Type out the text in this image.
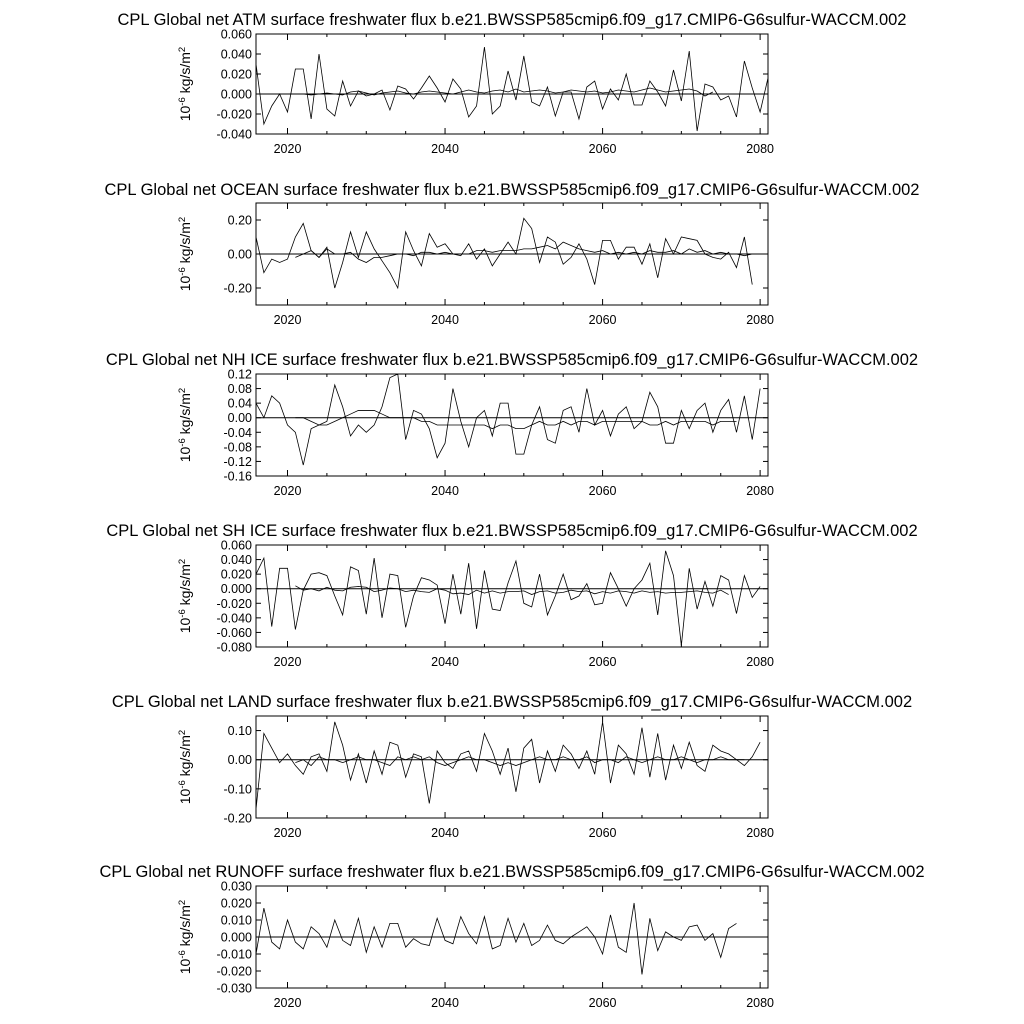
CPL Global net ATM surface freshwater flux b.e21.BWSSP585cmip6.f09_g17.CMIP6-G6sulfur-WACCM.002
-0.040
-0.020
0.000
0.020
0.040
0.060
2020	2040	2060	2080
$10^{-6}$ $kg/s/m^2$
CPL Global net OCEAN surface freshwater flux b.e21.BWSSP585cmip6.f09_g17.CMIP6-G6sulfur-WACCM.002
-0.20
0.00
0.20
2020	2040	2060	2080
$10^{-6}$ $kg/s/m^2$
CPL Global net NH ICE surface freshwater flux b.e21.BWSSP585cmip6.f09_g17.CMIP6-G6sulfur-WACCM.002
-0.16
-0.12
-0.08
-0.04
0.00
0.04
0.08
0.12
2020	2040	2060	2080
$10^{-6}$ $kg/s/m^2$
CPL Global net SH ICE surface freshwater flux b.e21.BWSSP585cmip6.f09_g17.CMIP6-G6sulfur-WACCM.002
-0.080
-0.060
-0.040
-0.020
0.000
0.020
0.040
0.060
2020	2040	2060	2080
$10^{-6}$ $kg/s/m^2$
CPL Global net LAND surface freshwater flux b.e21.BWSSP585cmip6.f09_g17.CMIP6-G6sulfur-WACCM.002
-0.20
-0.10
0.00
0.10
2020	2040	2060	2080
$10^{-6}$ $kg/s/m^2$
CPL Global net RUNOFF surface freshwater flux b.e21.BWSSP585cmip6.f09_g17.CMIP6-G6sulfur-WACCM.002
-0.030
-0.020
-0.010
0.000
0.010
0.020
0.030
2020	2040	2060	2080
$10^{-6}$ $kg/s/m^2$
